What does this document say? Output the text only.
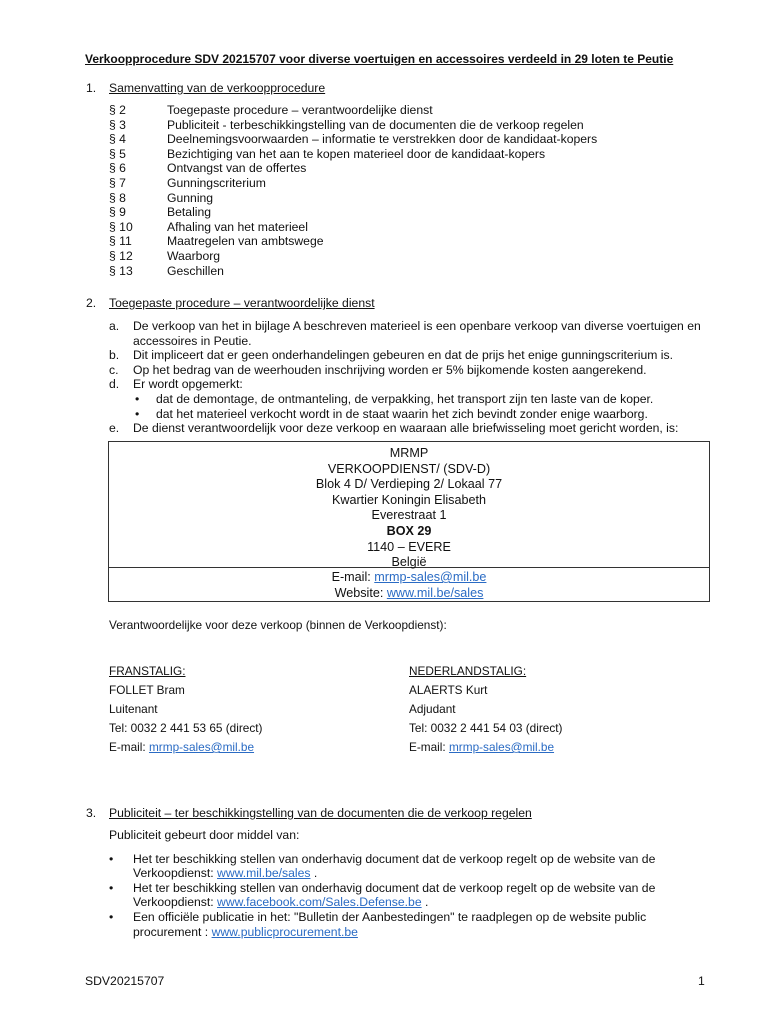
Verkoopprocedure SDV 20215707 voor diverse voertuigen en accessoires verdeeld in 29 loten te Peutie
1. Samenvatting van de verkoopprocedure
§ 2	Toegepaste procedure – verantwoordelijke dienst
§ 3	Publiciteit - terbeschikkingstelling van de documenten die de verkoop regelen
§ 4	Deelnemingsvoorwaarden – informatie te verstrekken door de kandidaat-kopers
§ 5	Bezichtiging van het aan te kopen materieel door de kandidaat-kopers
§ 6	Ontvangst van de offertes
§ 7	Gunningscriterium
§ 8	Gunning
§ 9	Betaling
§ 10	Afhaling van het materieel
§ 11	Maatregelen van ambtswege
§ 12	Waarborg
§ 13	Geschillen
2. Toegepaste procedure – verantwoordelijke dienst
a.	De verkoop van het in bijlage A beschreven materieel is een openbare verkoop van diverse voertuigen en accessoires in Peutie.
b.	Dit impliceert dat er geen onderhandelingen gebeuren en dat de prijs het enige gunningscriterium is.
c.	Op het bedrag van de weerhouden inschrijving worden er 5% bijkomende kosten aangerekend.
d.	Er wordt opgemerkt:
•	dat de demontage, de ontmanteling, de verpakking, het transport zijn ten laste van de koper.
•	dat het materieel verkocht wordt in de staat waarin het zich bevindt zonder enige waarborg.
e.	De dienst verantwoordelijk voor deze verkoop en waaraan alle briefwisseling moet gericht worden, is:
MRMP
VERKOOPDIENST/ (SDV-D)
Blok 4 D/ Verdieping 2/ Lokaal 77
Kwartier Koningin Elisabeth
Everestraat 1
BOX 29
1140 – EVERE
België
E-mail: mrmp-sales@mil.be
Website: www.mil.be/sales
Verantwoordelijke voor deze verkoop (binnen de Verkoopdienst):
FRANSTALIG:
FOLLET Bram
Luitenant
Tel: 0032 2 441 53 65 (direct)
E-mail: mrmp-sales@mil.be
NEDERLANDSTALIG:
ALAERTS Kurt
Adjudant
Tel: 0032 2 441 54 03 (direct)
E-mail: mrmp-sales@mil.be
3. Publiciteit – ter beschikkingstelling van de documenten die de verkoop regelen
Publiciteit gebeurt door middel van:
•	Het ter beschikking stellen van onderhavig document dat de verkoop regelt op de website van de Verkoopdienst: www.mil.be/sales .
•	Het ter beschikking stellen van onderhavig document dat de verkoop regelt op de website van de Verkoopdienst: www.facebook.com/Sales.Defense.be .
•	Een officiële publicatie in het: "Bulletin der Aanbestedingen" te raadplegen op de website public procurement : www.publicprocurement.be
SDV20215707	1
